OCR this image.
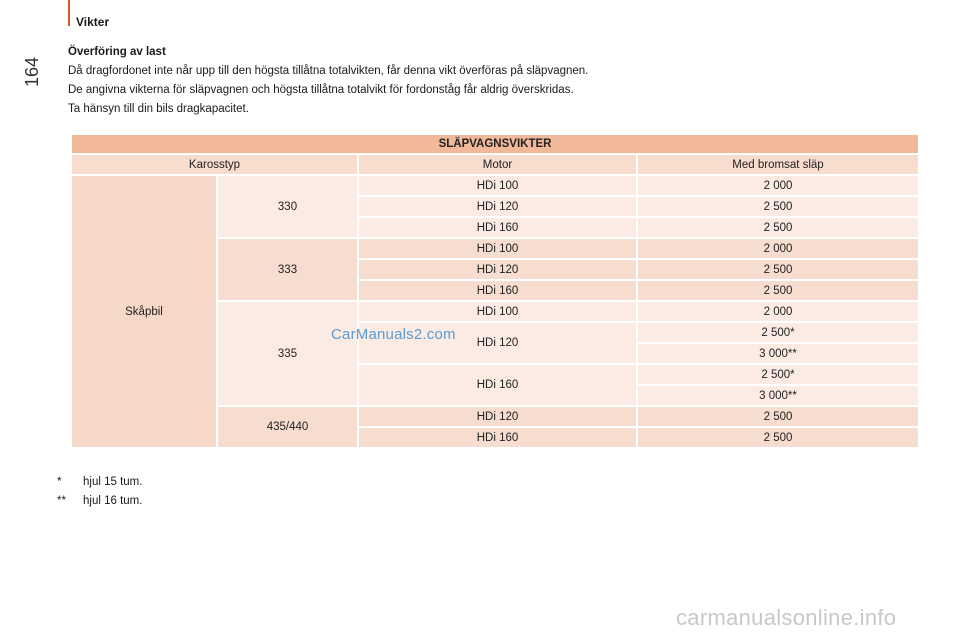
164
Vikter

Överföring av last

Då dragfordonet inte når upp till den högsta tillåtna totalvikten, får denna vikt överföras på släpvagnen.

De angivna vikterna för släpvagnen och högsta tillåtna totalvikt för fordonståg får aldrig överskridas.

Ta hänsyn till din bils dragkapacitet.

SLÄPVAGNSVIKTER			
Karosstyp		Motor	Med bromsat släp
Skåpbil	330	HDi 100	2 000
		HDi 120	2 500
		HDi 160	2 500
	333	HDi 100	2 000
		HDi 120	2 500
		HDi 160	2 500
	335	HDi 100	2 000
		HDi 120	2 500*
			3 000**
		HDi 160	2 500*
			3 000**
	435/440	HDi 120	2 500
		HDi 160	2 500
*	hjul 15 tum.
**	hjul 16 tum.
CarManuals2.com
carmanualsonline.info
